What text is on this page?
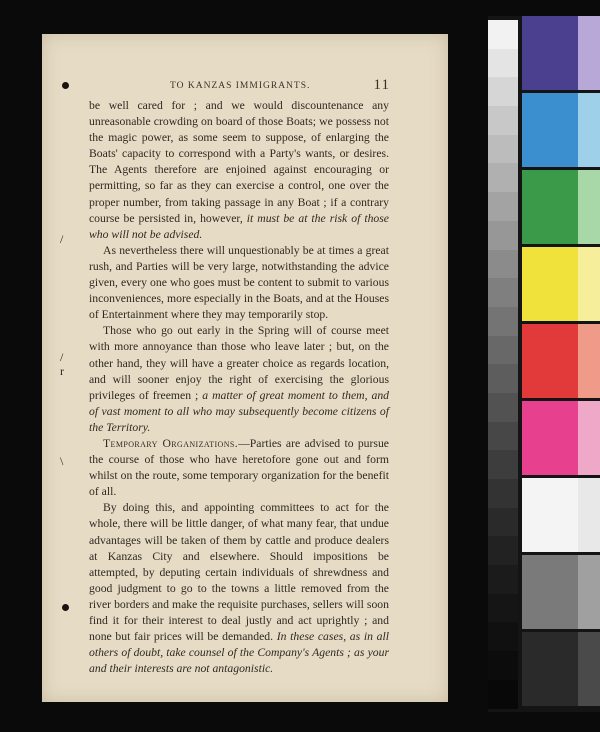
TO KANZAS IMMIGRANTS.	11

be well cared for ; and we would discountenance any unreasonable crowding on board of those Boats; we possess not the magic power, as some seem to suppose, of enlarging the Boats' capacity to correspond with a Party's wants, or desires. The Agents therefore are enjoined against encouraging or permitting, so far as they can exercise a control, one over the proper number, from taking passage in any Boat ; if a contrary course be persisted in, however, it must be at the risk of those who will not be advised.

As nevertheless there will unquestionably be at times a great rush, and Parties will be very large, notwithstanding the advice given, every one who goes must be content to submit to various inconveniences, more especially in the Boats, and at the Houses of Entertainment where they may temporarily stop.

Those who go out early in the Spring will of course meet with more annoyance than those who leave later ; but, on the other hand, they will have a greater choice as regards location, and will sooner enjoy the right of exercising the glorious privileges of freemen ; a matter of great moment to them, and of vast moment to all who may subsequently become citizens of the Territory.

Temporary Organizations.—Parties are advised to pursue the course of those who have heretofore gone out and form whilst on the route, some temporary organization for the benefit of all.

By doing this, and appointing committees to act for the whole, there will be little danger, of what many fear, that undue advantages will be taken of them by cattle and produce dealers at Kanzas City and elsewhere. Should impositions be attempted, by deputing certain individuals of shrewdness and good judgment to go to the towns a little removed from the river borders and make the requisite purchases, sellers will soon find it for their interest to deal justly and act uprightly ; and none but fair prices will be demanded. In these cases, as in all others of doubt, take counsel of the Company's Agents ; as your and their interests are not antagonistic.

/
/
r
\
